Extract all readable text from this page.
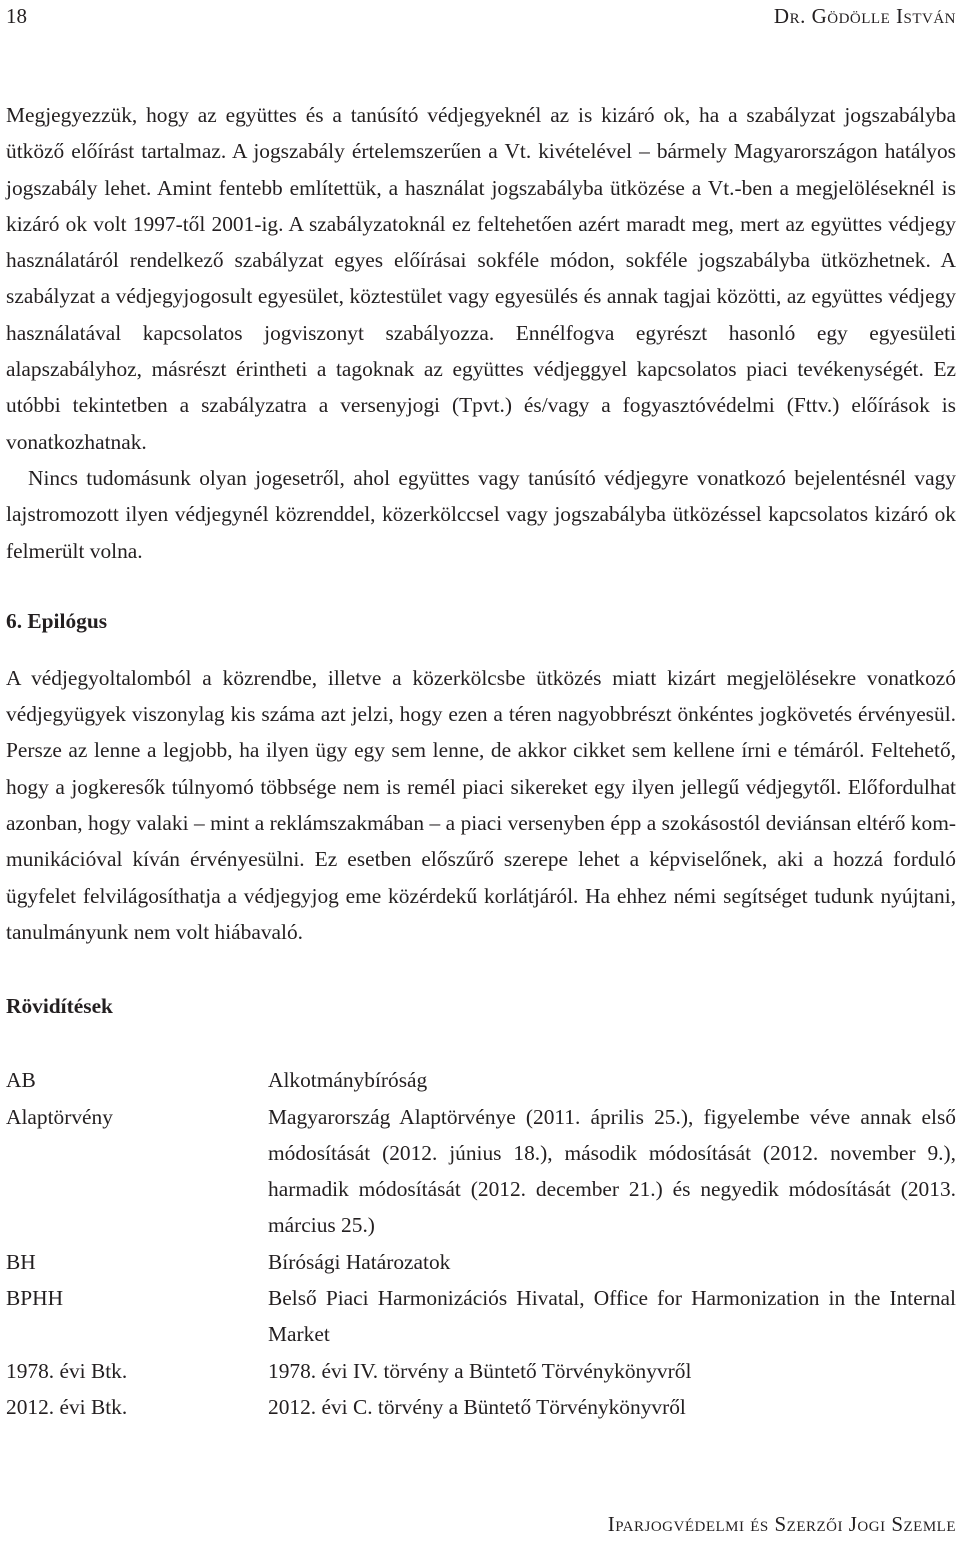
18	Dr. Gödölle István

Megjegyezzük, hogy az együttes és a tanúsító védjegyeknél az is kizáró ok, ha a szabályzat jogszabályba ütköző előírást tartalmaz. A jogszabály értelemszerűen a Vt. kivételével – bármely Magyarországon hatályos jogszabály lehet. Amint fentebb említettük, a használat jogszabályba ütközése a Vt.-ben a megjelöléseknél is kizáró ok volt 1997-től 2001-ig. A szabályzatoknál ez feltehetően azért maradt meg, mert az együttes védjegy használatáról rendelkező szabályzat egyes előírásai sokféle módon, sokféle jogszabályba ütközhetnek. A szabályzat a védjegyjogosult egyesület, köztestület vagy egyesülés és annak tagjai közötti, az együttes védjegy használatával kapcsolatos jogviszonyt szabályozza. Ennélfogva egyrészt hasonló egy egyesületi alapszabályhoz, másrészt érintheti a tagoknak az együttes védjeggyel kapcsolatos piaci tevékenységét. Ez utóbbi tekintetben a szabályzatra a versenyjogi (Tpvt.) és/vagy a fogyasztóvédelmi (Fttv.) előírások is vonatkozhatnak.

Nincs tudomásunk olyan jogesetről, ahol együttes vagy tanúsító védjegyre vonatkozó bejelentésnél vagy lajstromozott ilyen védjegynél közrenddel, közerkölccsel vagy jogszabályba ütközéssel kapcsolatos kizáró ok felmerült volna.

6. Epilógus

A védjegyoltalomból a közrendbe, illetve a közerkölcsbe ütközés miatt kizárt megjelölésekre vonatkozó védjegyügyek viszonylag kis száma azt jelzi, hogy ezen a téren nagyobbrészt önkéntes jogkövetés érvényesül. Persze az lenne a legjobb, ha ilyen ügy egy sem lenne, de akkor cikket sem kellene írni e témáról. Feltehető, hogy a jogkeresők túlnyomó többsége nem is remél piaci sikereket egy ilyen jellegű védjegytől. Előfordulhat azonban, hogy valaki – mint a reklámszakmában – a piaci versenyben épp a szokásostól deviánsan eltérő kommunikációval kíván érvényesülni. Ez esetben előszűrő szerepe lehet a képviselőnek, aki a hozzá forduló ügyfelet felvilágosíthatja a védjegyjog eme közérdekű korlátjáról. Ha ehhez némi segítséget tudunk nyújtani, tanulmányunk nem volt hiábavaló.

Rövidítések
AB	Alkotmánybíróság
Alaptörvény	Magyarország Alaptörvénye (2011. április 25.), figyelembe véve annak első módosítását (2012. június 18.), második módosítását (2012. november 9.), harmadik módosítását (2012. december 21.) és negyedik módosítását (2013. március 25.)
BH	Bírósági Határozatok
BPHH	Belső Piaci Harmonizációs Hivatal, Office for Harmonization in the Internal Market
1978. évi Btk.	1978. évi IV. törvény a Büntető Törvénykönyvről
2012. évi Btk.	2012. évi C. törvény a Büntető Törvénykönyvről
Iparjogvédelmi és Szerzői Jogi Szemle
